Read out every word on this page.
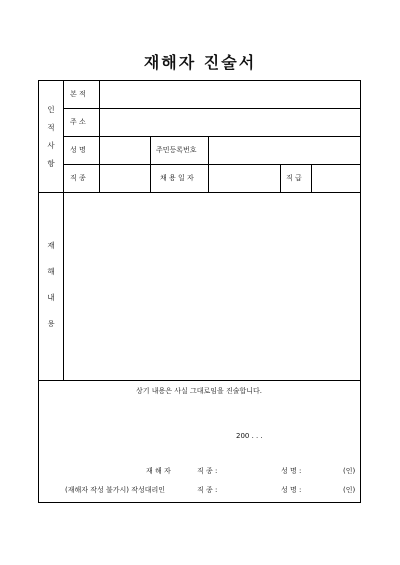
재해자 진술서
인
적
사
항
본 적
주 소
성 명	주민등록번호
직 종	채 용 일 자	직 급
재
해
내
용
상기 내용은 사실 그대로임을 진술합니다.
200 . . .
재 해 자	직 종 :	성 명 :	(인)
(재해자 작성 불가시) 작성대리인	직 종 :	성 명 :	(인)
